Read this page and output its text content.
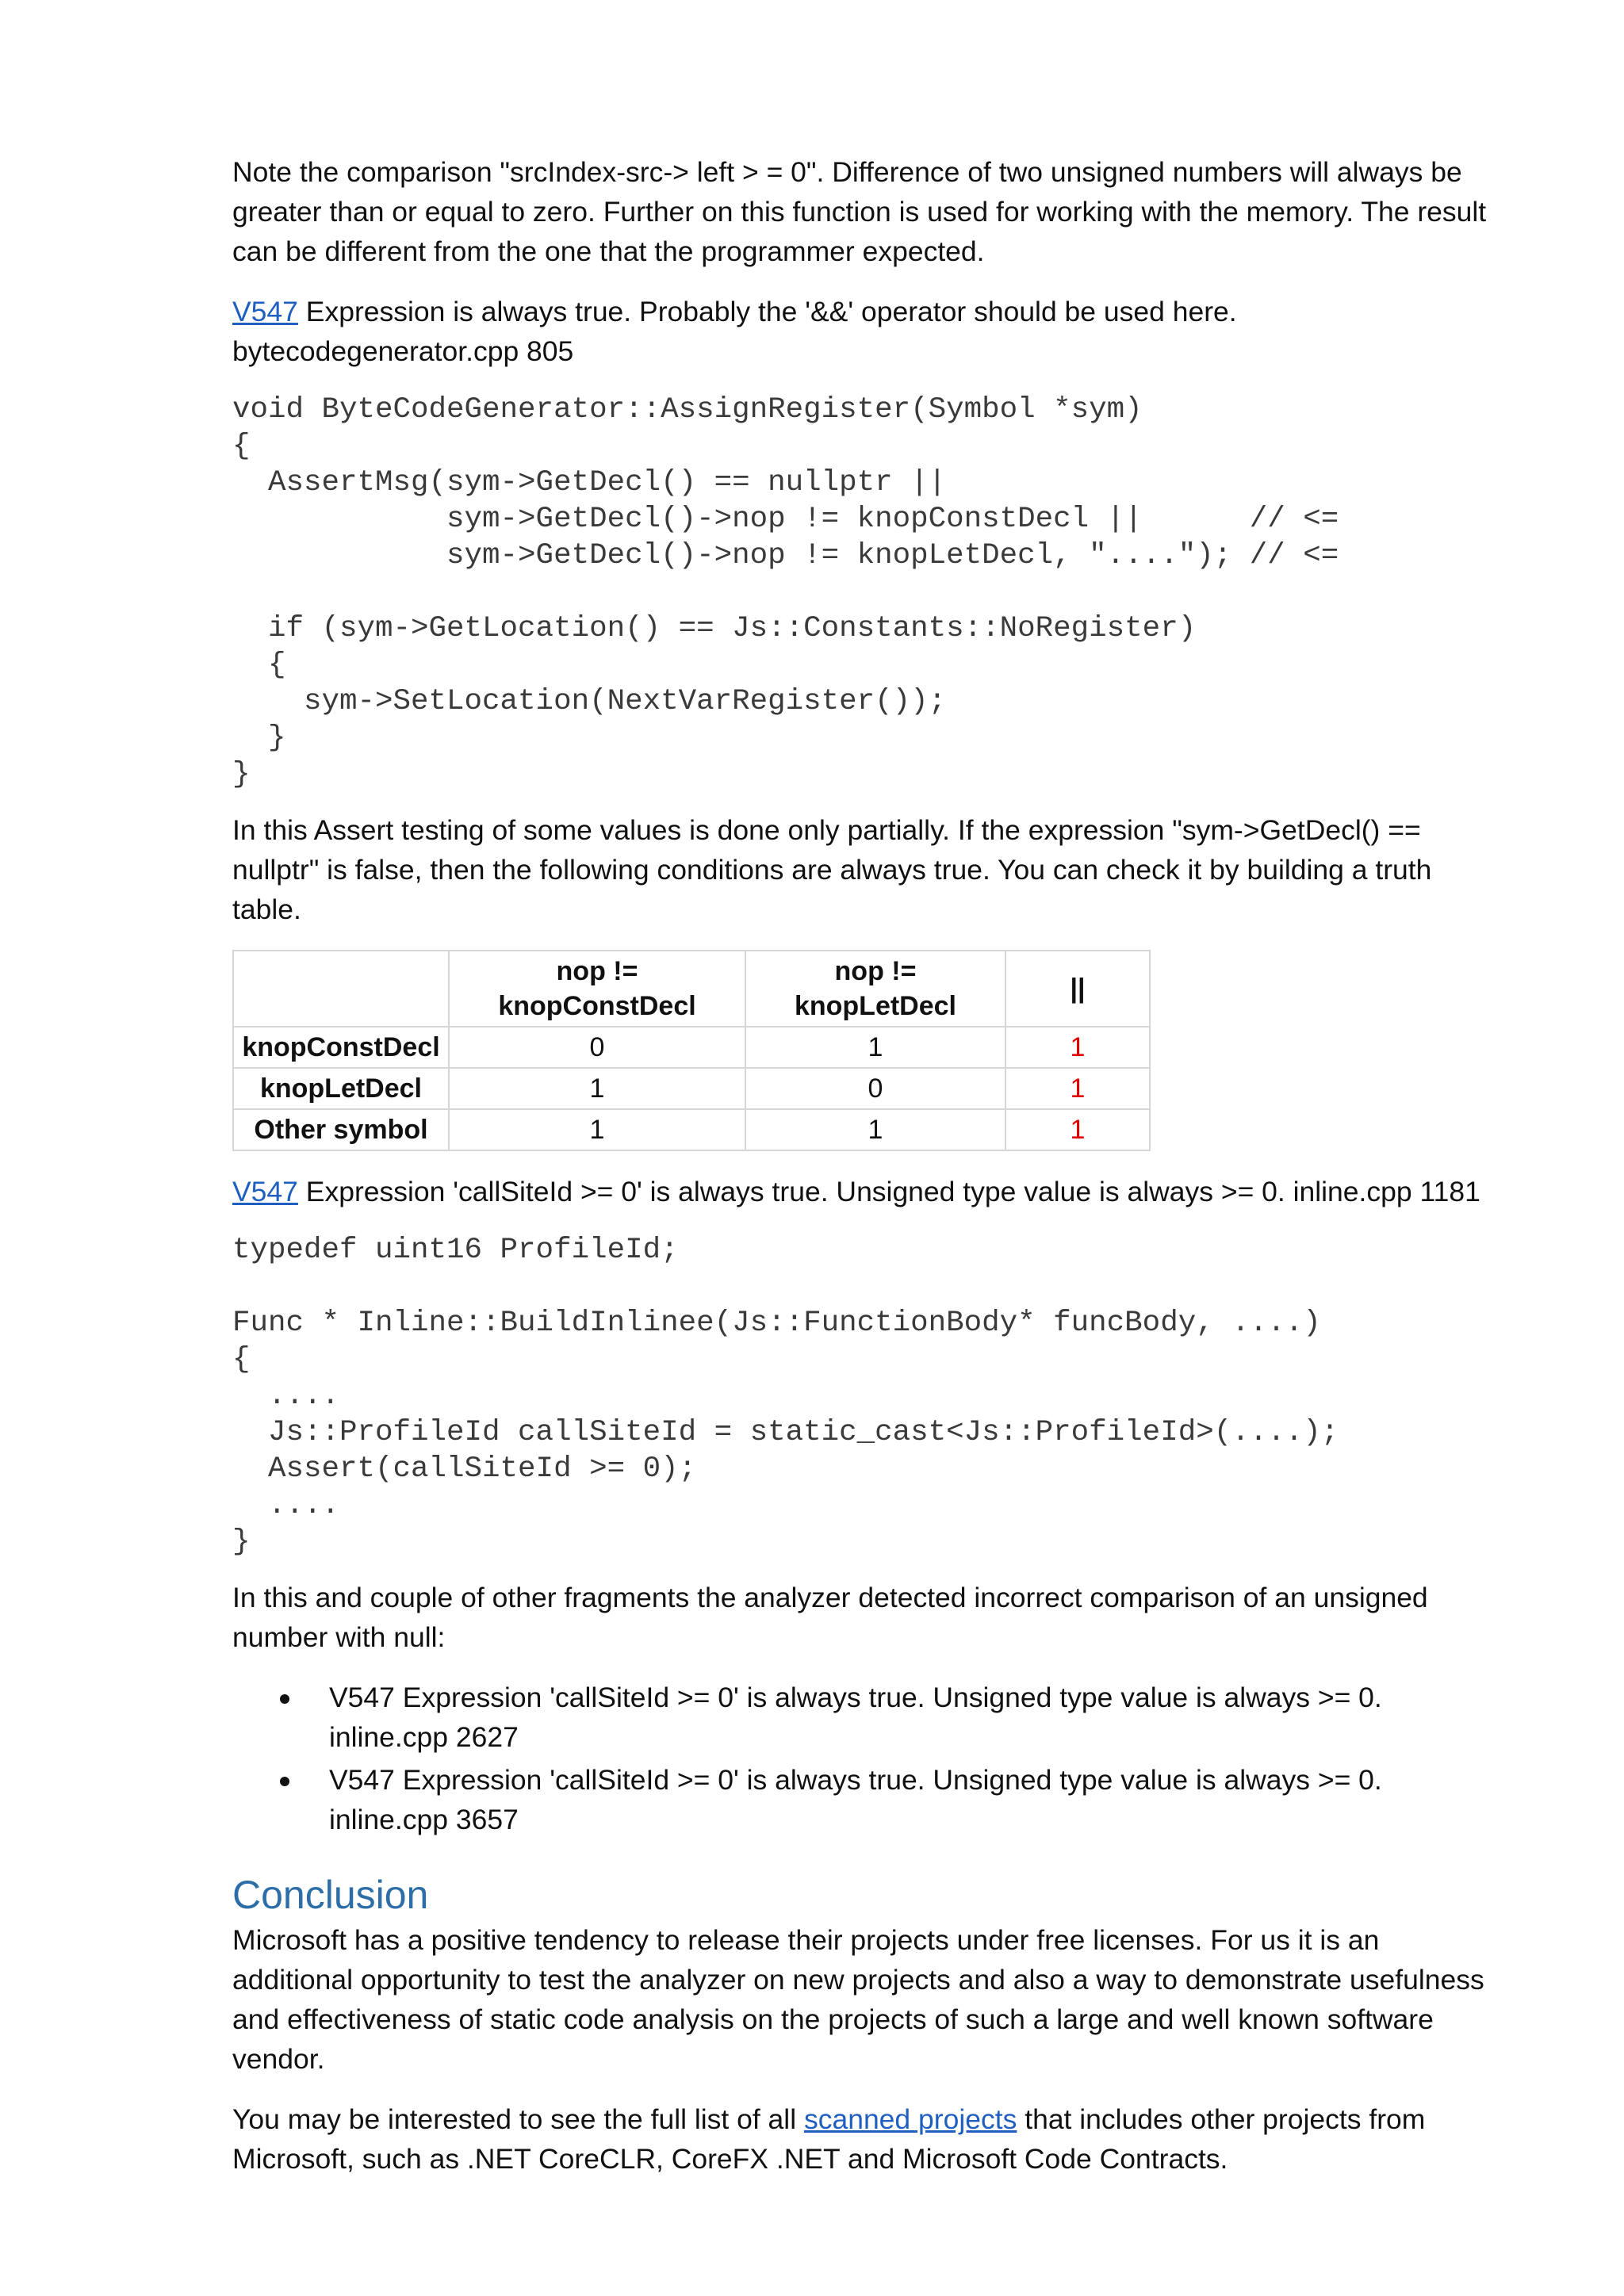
Note the comparison "srcIndex-src-> left > = 0". Difference of two unsigned numbers will always be greater than or equal to zero. Further on this function is used for working with the memory. The result can be different from the one that the programmer expected.

V547 Expression is always true. Probably the '&&' operator should be used here. bytecodegenerator.cpp 805

void ByteCodeGenerator::AssignRegister(Symbol *sym)
{
AssertMsg(sym->GetDecl() == nullptr ||
sym->GetDecl()->nop != knopConstDecl ||      // <=
sym->GetDecl()->nop != knopLetDecl, "...."); // <=

if (sym->GetLocation() == Js::Constants::NoRegister)
{
sym->SetLocation(NextVarRegister());
}
}

In this Assert testing of some values is done only partially. If the expression "sym->GetDecl() == nullptr" is false, then the following conditions are always true. You can check it by building a truth table.

	nop != knopConstDecl	nop != knopLetDecl	||
knopConstDecl	0	1	1
knopLetDecl	1	0	1
Other symbol	1	1	1

V547 Expression 'callSiteId >= 0' is always true. Unsigned type value is always >= 0. inline.cpp 1181

typedef uint16 ProfileId;

Func * Inline::BuildInlinee(Js::FunctionBody* funcBody, ....)
{
....
Js::ProfileId callSiteId = static_cast<Js::ProfileId>(....);
Assert(callSiteId >= 0);
....
}

In this and couple of other fragments the analyzer detected incorrect comparison of an unsigned number with null:

V547 Expression 'callSiteId >= 0' is always true. Unsigned type value is always >= 0. inline.cpp 2627
V547 Expression 'callSiteId >= 0' is always true. Unsigned type value is always >= 0. inline.cpp 3657
Conclusion

Microsoft has a positive tendency to release their projects under free licenses. For us it is an additional opportunity to test the analyzer on new projects and also a way to demonstrate usefulness and effectiveness of static code analysis on the projects of such a large and well known software vendor.

You may be interested to see the full list of all scanned projects that includes other projects from Microsoft, such as .NET CoreCLR, CoreFX .NET and Microsoft Code Contracts.
